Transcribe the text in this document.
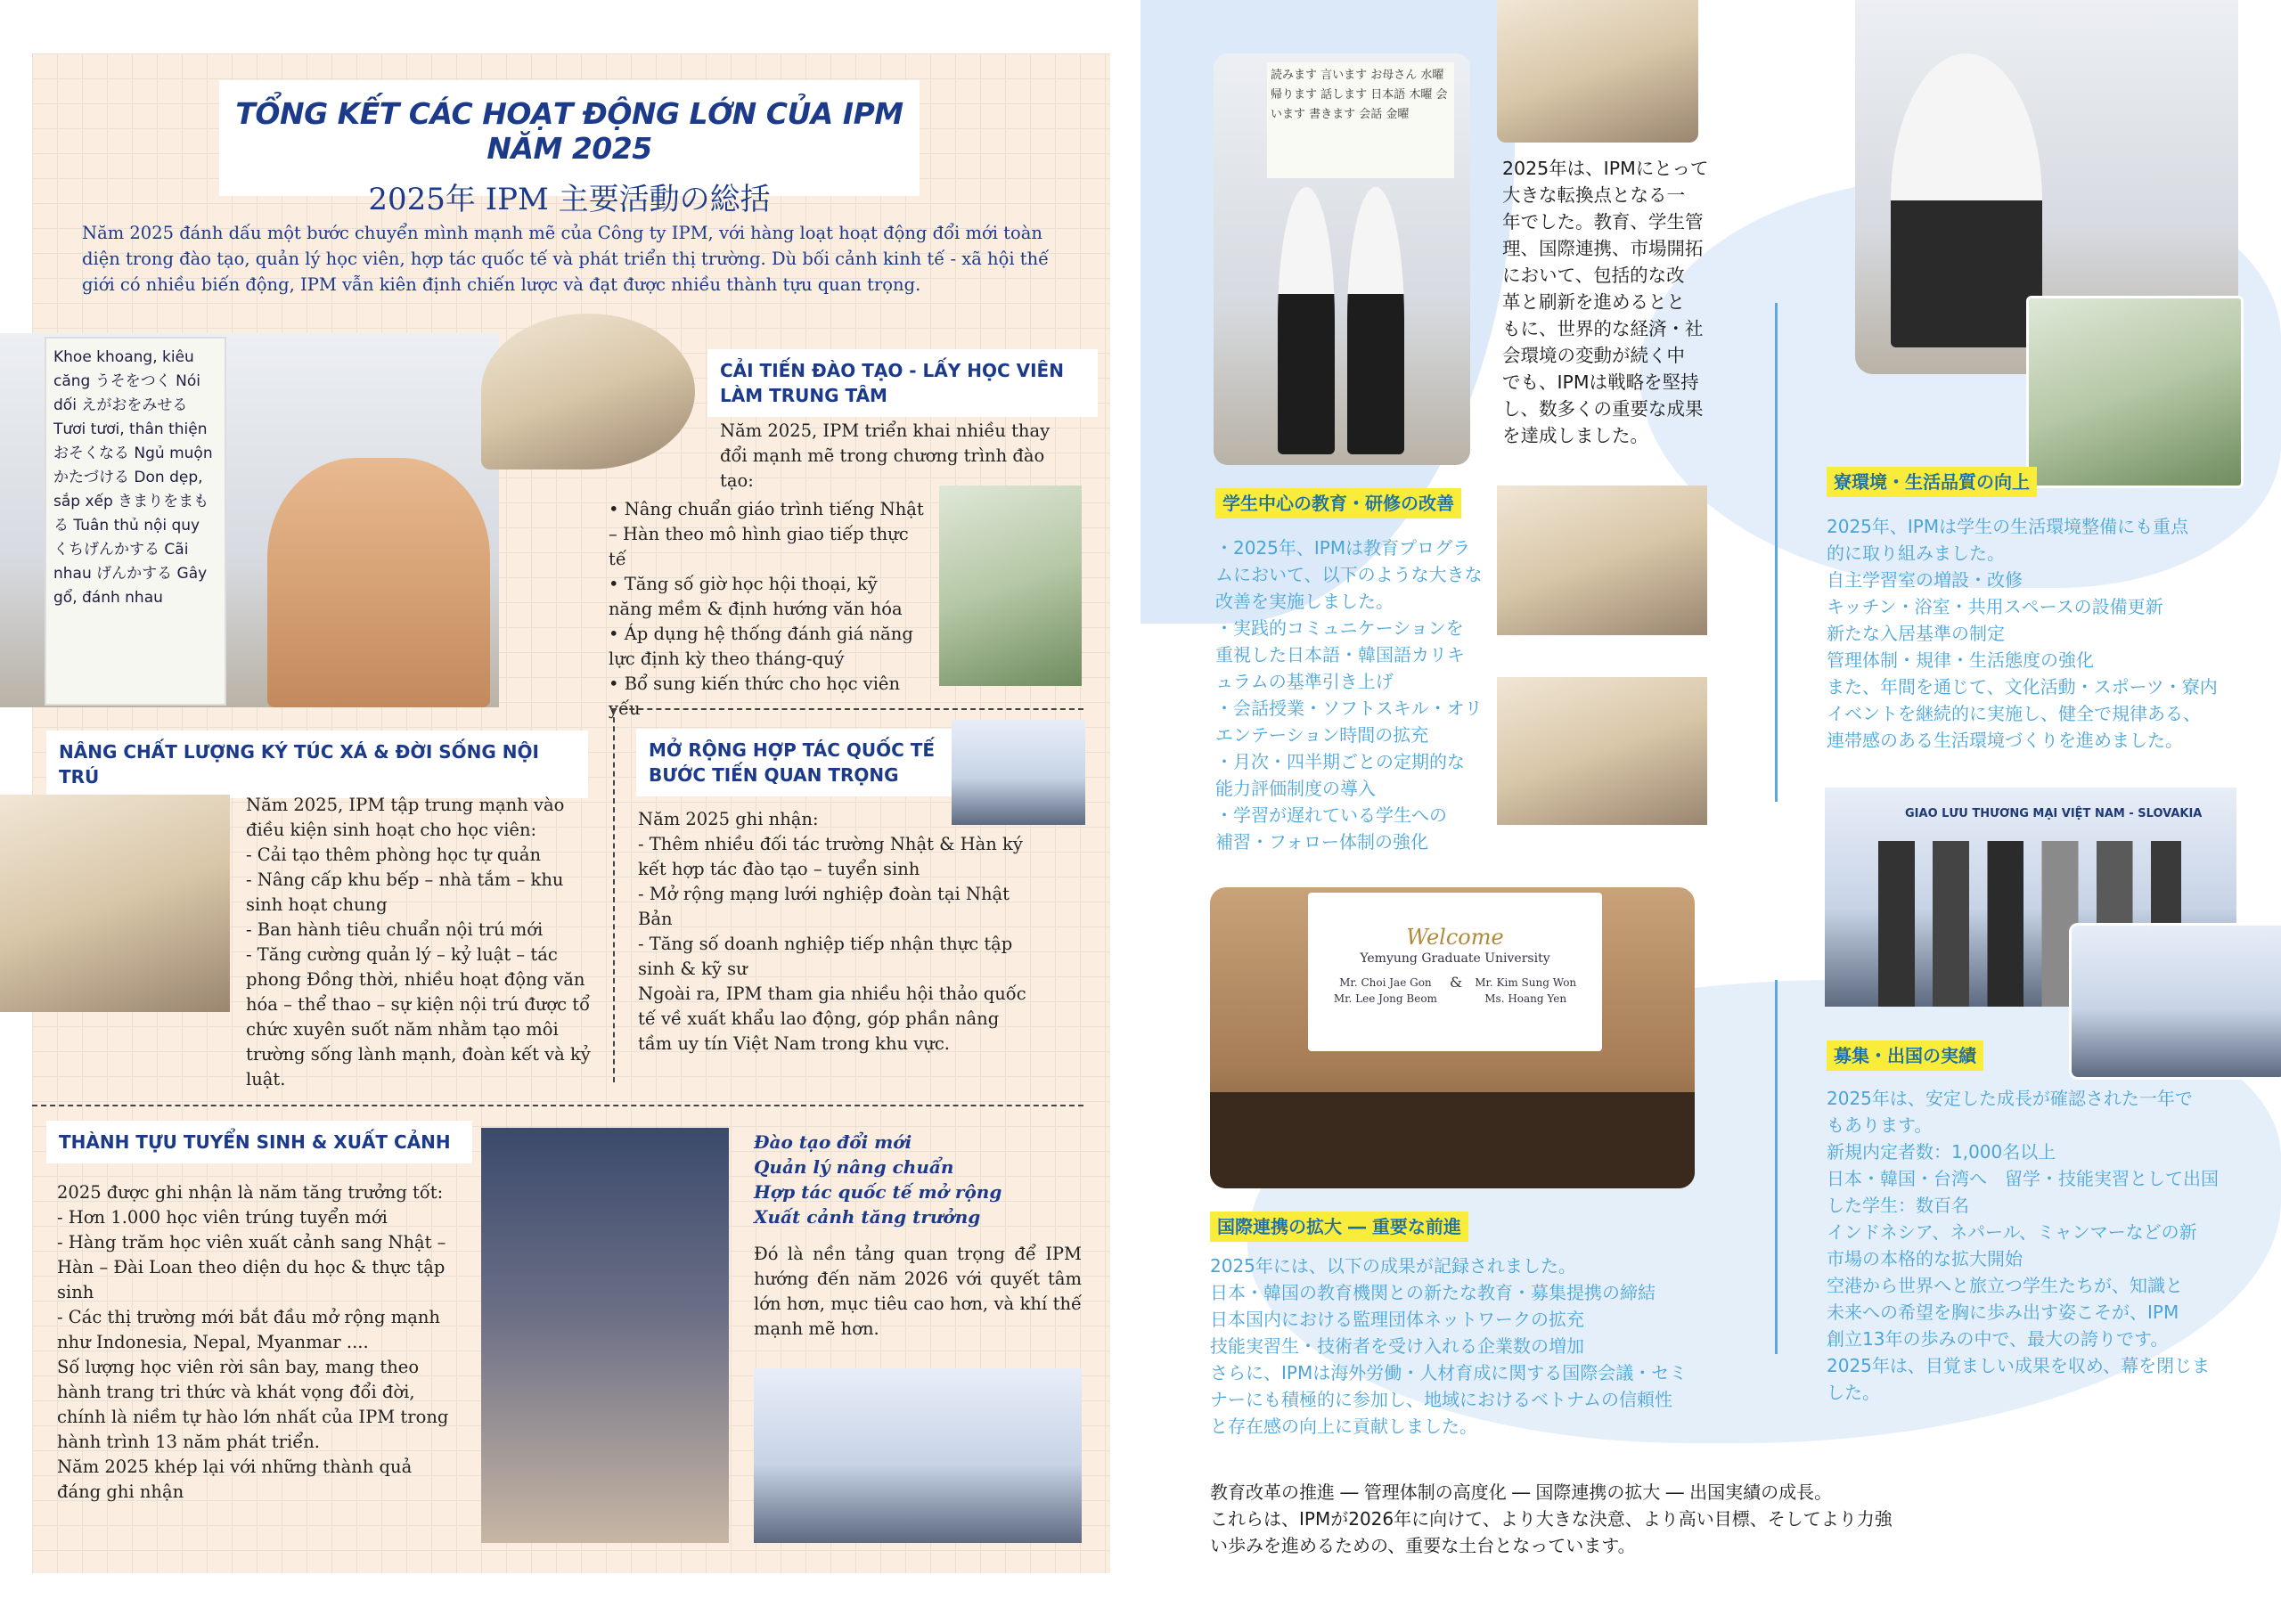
TỔNG KẾT CÁC HOẠT ĐỘNG LỚN CỦA IPM NĂM 2025
2025年 IPM 主要活動の総括
Năm 2025 đánh dấu một bước chuyển mình mạnh mẽ của Công ty IPM, với hàng loạt hoạt động đổi mới toàn diện trong đào tạo, quản lý học viên, hợp tác quốc tế và phát triển thị trường. Dù bối cảnh kinh tế - xã hội thế giới có nhiều biến động, IPM vẫn kiên định chiến lược và đạt được nhiều thành tựu quan trọng.
Khoe khoang, kiêu căng うそをつく Nói dối えがおをみせる Tươi tươi, thân thiện おそくなる Ngủ muộn かたづける Don dẹp, sắp xếp きまりをまもる Tuân thủ nội quy くちげんかする Cãi nhau げんかする Gây gổ, đánh nhau
CẢI TIẾN ĐÀO TẠO - LẤY HỌC VIÊN LÀM TRUNG TÂM
Năm 2025, IPM triển khai nhiều thay đổi mạnh mẽ trong chương trình đào tạo:
• Nâng chuẩn giáo trình tiếng Nhật – Hàn theo mô hình giao tiếp thực tế
• Tăng số giờ học hội thoại, kỹ năng mềm & định hướng văn hóa
• Áp dụng hệ thống đánh giá năng lực định kỳ theo tháng-quý
• Bổ sung kiến thức cho học viên yếu
NÂNG CHẤT LƯỢNG KÝ TÚC XÁ & ĐỜI SỐNG NỘI TRÚ
Năm 2025, IPM tập trung mạnh vào điều kiện sinh hoạt cho học viên:
- Cải tạo thêm phòng học tự quản
- Nâng cấp khu bếp – nhà tắm – khu sinh hoạt chung
- Ban hành tiêu chuẩn nội trú mới
- Tăng cường quản lý – kỷ luật – tác phong Đồng thời, nhiều hoạt động văn hóa – thể thao – sự kiện nội trú được tổ chức xuyên suốt năm nhằm tạo môi trường sống lành mạnh, đoàn kết và kỷ luật.
MỞ RỘNG HỢP TÁC QUỐC TẾ BƯỚC TIẾN QUAN TRỌNG
Năm 2025 ghi nhận:
- Thêm nhiều đối tác trường Nhật & Hàn ký kết hợp tác đào tạo – tuyển sinh
- Mở rộng mạng lưới nghiệp đoàn tại Nhật Bản
- Tăng số doanh nghiệp tiếp nhận thực tập sinh & kỹ sư
Ngoài ra, IPM tham gia nhiều hội thảo quốc tế về xuất khẩu lao động, góp phần nâng tầm uy tín Việt Nam trong khu vực.
THÀNH TỰU TUYỂN SINH & XUẤT CẢNH
2025 được ghi nhận là năm tăng trưởng tốt:
- Hơn 1.000 học viên trúng tuyển mới
- Hàng trăm học viên xuất cảnh sang Nhật – Hàn – Đài Loan theo diện du học & thực tập sinh
- Các thị trường mới bắt đầu mở rộng mạnh như Indonesia, Nepal, Myanmar ....
Số lượng học viên rời sân bay, mang theo hành trang tri thức và khát vọng đổi đời, chính là niềm tự hào lớn nhất của IPM trong hành trình 13 năm phát triển.
Năm 2025 khép lại với những thành quả đáng ghi nhận
Đào tạo đổi mới
Quản lý nâng chuẩn
Hợp tác quốc tế mở rộng
Xuất cảnh tăng trưởng
Đó là nền tảng quan trọng để IPM hướng đến năm 2026 với quyết tâm lớn hơn, mục tiêu cao hơn, và khí thế mạnh mẽ hơn.
読みます 言います お母さん 水曜 帰ります 話します 日本語 木曜 会います 書きます 会話 金曜
2025年は、IPMにとって
大きな転換点となる一
年でした。教育、学生管
理、国際連携、市場開拓
において、包括的な改
革と刷新を進めるとと
もに、世界的な経済・社
会環境の変動が続く中
でも、IPMは戦略を堅持
し、数多くの重要な成果
を達成しました。
学生中心の教育・研修の改善
・2025年、IPMは教育プログラ
ムにおいて、以下のような大きな
改善を実施しました。
・実践的コミュニケーションを
重視した日本語・韓国語カリキ
ュラムの基準引き上げ
・会話授業・ソフトスキル・オリ
エンテーション時間の拡充
・月次・四半期ごとの定期的な
能力評価制度の導入
・学習が遅れている学生への
補習・フォロー体制の強化
Welcome
Yemyung Graduate University
Mr. Choi Jae Gon
Mr. Lee Jong Beom
& Mr. Kim Sung Won
Ms. Hoang Yen
国際連携の拡大 ― 重要な前進
2025年には、以下の成果が記録されました。
日本・韓国の教育機関との新たな教育・募集提携の締結
日本国内における監理団体ネットワークの拡充
技能実習生・技術者を受け入れる企業数の増加
さらに、IPMは海外労働・人材育成に関する国際会議・セミ
ナーにも積極的に参加し、地域におけるベトナムの信頼性
と存在感の向上に貢献しました。
寮環境・生活品質の向上
2025年、IPMは学生の生活環境整備にも重点
的に取り組みました。
自主学習室の増設・改修
キッチン・浴室・共用スペースの設備更新
新たな入居基準の制定
管理体制・規律・生活態度の強化
また、年間を通じて、文化活動・スポーツ・寮内
イベントを継続的に実施し、健全で規律ある、
連帯感のある生活環境づくりを進めました。
GIAO LƯU THƯƠNG MẠI VIỆT NAM - SLOVAKIA
募集・出国の実績
2025年は、安定した成長が確認された一年で
もあります。
新規内定者数：1,000名以上
日本・韓国・台湾へ　留学・技能実習として出国
した学生：数百名
インドネシア、ネパール、ミャンマーなどの新
市場の本格的な拡大開始
空港から世界へと旅立つ学生たちが、知識と
未来への希望を胸に歩み出す姿こそが、IPM
創立13年の歩みの中で、最大の誇りです。
2025年は、目覚ましい成果を収め、幕を閉じま
した。
教育改革の推進 ― 管理体制の高度化 ― 国際連携の拡大 ― 出国実績の成長。
これらは、IPMが2026年に向けて、より大きな決意、より高い目標、そしてより力強
い歩みを進めるための、重要な土台となっています。
